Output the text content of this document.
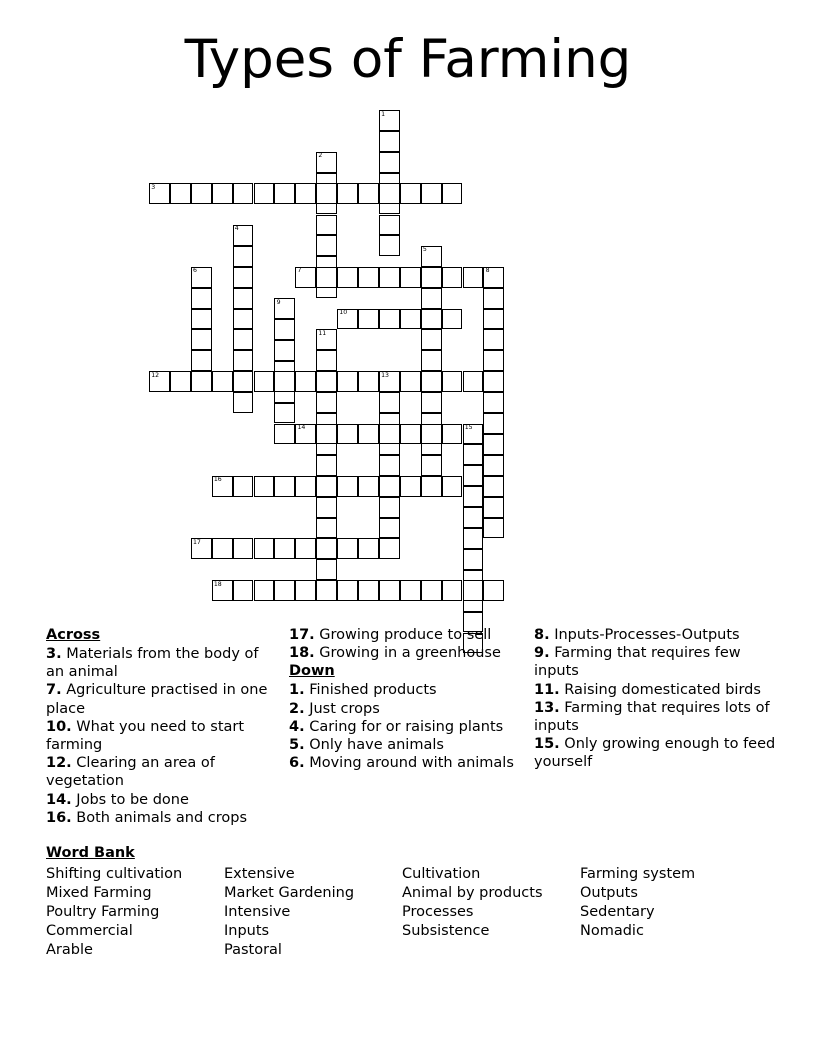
Types of Farming
1
2
3
4
5
6	7	8
9
10
11
12	13
14	15
16
17
18
Across
3. Materials from the body of an animal
7. Agriculture practised in one place
10. What you need to start farming
12. Clearing an area of vegetation
14. Jobs to be done
16. Both animals and crops
17. Growing produce to sell
18. Growing in a greenhouse
Down
1. Finished products
2. Just crops
4. Caring for or raising plants
5. Only have animals
6. Moving around with animals
8. Inputs-Processes-Outputs
9. Farming that requires few inputs
11. Raising domesticated birds
13. Farming that requires lots of inputs
15. Only growing enough to feed yourself
Word Bank
Shifting cultivation
Mixed Farming
Poultry Farming
Commercial
Arable
Extensive
Market Gardening
Intensive
Inputs
Pastoral
Cultivation
Animal by products
Processes
Subsistence
Farming system
Outputs
Sedentary
Nomadic
